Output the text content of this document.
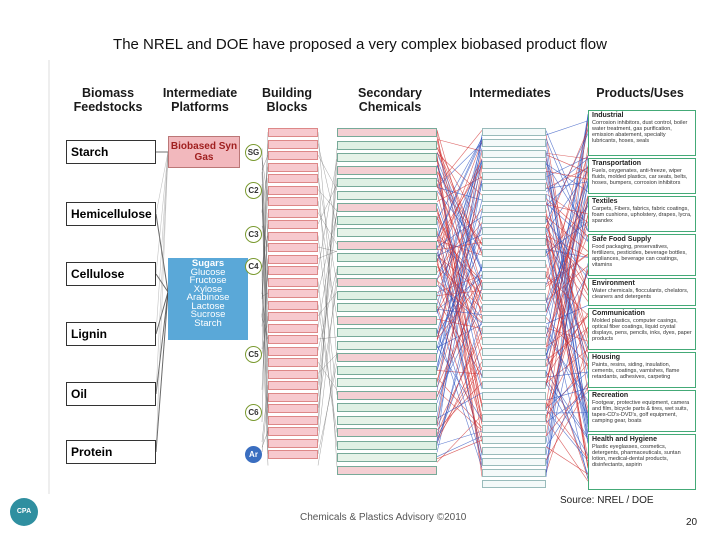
The NREL and DOE have proposed a very complex biobased product flow
Biomass Feedstocks
Intermediate Platforms
Building Blocks
Secondary Chemicals
Intermediates	Products/Uses
Starch
Hemicellulose
Cellulose
Lignin
Oil
Protein
Biobased Syn Gas
Sugars
Glucose
Fructose
Xylose
Arabinose
Lactose
Sucrose
Starch
SG
C2
C3
C4
C5
C6
Ar
Industrial
Corrosion inhibitors, dust control, boiler water treatment, gas purification, emission abatement, specialty lubricants, hoses, seals
Transportation
Fuels, oxygenates, anti-freeze, wiper fluids, molded plastics, car seats, belts, hoses, bumpers, corrosion inhibitors
Textiles
Carpets, Fibers, fabrics, fabric coatings, foam cushions, upholstery, drapes, lycra, spandex
Safe Food Supply
Food packaging, preservatives, fertilizers, pesticides, beverage bottles, appliances, beverage can coatings, vitamins
Environment
Water chemicals, flocculants, chelators, cleaners and detergents
Communication
Molded plastics, computer casings, optical fiber coatings, liquid crystal displays, pens, pencils, inks, dyes, paper products
Housing
Paints, resins, siding, insulation, cements, coatings, varnishes, flame retardants, adhesives, carpeting
Recreation
Footgear, protective equipment, camera and film, bicycle parts & tires, wet suits, tapes-CD's-DVD's, golf equipment, camping gear, boats
Health and Hygiene
Plastic eyeglasses, cosmetics, detergents, pharmaceuticals, suntan lotion, medical-dental products, disinfectants, aspirin
Source: NREL / DOE
Chemicals & Plastics Advisory ©2010	20
CPA
